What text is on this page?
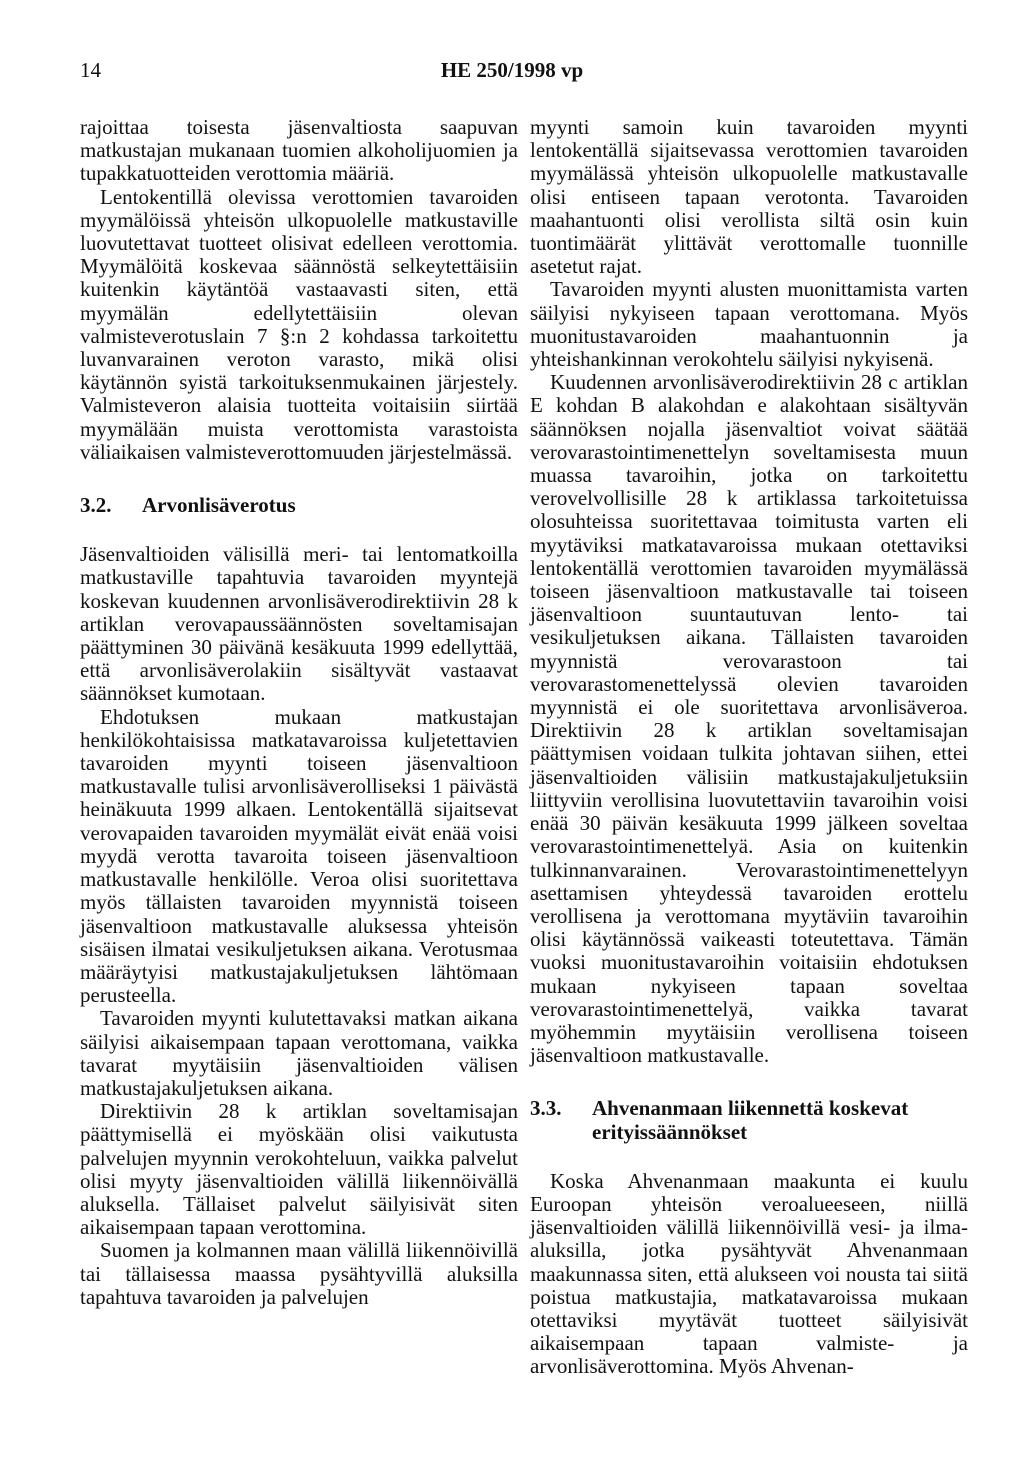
14	HE 250/1998 vp

rajoittaa toisesta jäsenvaltiosta saapuvan matkustajan mukanaan tuomien alkoholijuomien ja tupakkatuotteiden verottomia määriä.

Lentokentillä olevissa verottomien tavaroiden myymälöissä yhteisön ulkopuolelle matkustaville luovutettavat tuotteet olisivat edelleen verottomia. Myymälöitä koskevaa säännöstä selkeytettäisiin kuitenkin käytäntöä vastaavasti siten, että myymälän edellytettäisiin olevan valmisteverotuslain 7 §:n 2 kohdassa tarkoitettu luvanvarainen veroton varasto, mikä olisi käytännön syistä tarkoituksenmukainen järjestely. Valmisteveron alaisia tuotteita voitaisiin siirtää myymälään muista verottomista varastoista väliaikaisen valmisteverottomuuden järjestelmässä.

3.2.	Arvonlisäverotus

Jäsenvaltioiden välisillä meri- tai lentomatkoilla matkustaville tapahtuvia tavaroiden myyntejä koskevan kuudennen arvonlisäverodirektiivin 28 k artiklan verovapaussäännösten soveltamisajan päättyminen 30 päivänä kesäkuuta 1999 edellyttää, että arvonlisäverolakiin sisältyvät vastaavat säännökset kumotaan.

Ehdotuksen mukaan matkustajan henkilökohtaisissa matkatavaroissa kuljetettavien tavaroiden myynti toiseen jäsenvaltioon matkustavalle tulisi arvonlisäverolliseksi 1 päivästä heinäkuuta 1999 alkaen. Lentokentällä sijaitsevat verovapaiden tavaroiden myymälät eivät enää voisi myydä verotta tavaroita toiseen jäsenvaltioon matkustavalle henkilölle. Veroa olisi suoritettava myös tällaisten tavaroiden myynnistä toiseen jäsenvaltioon matkustavalle aluksessa yhteisön sisäisen ilmatai vesikuljetuksen aikana. Verotusmaa määräytyisi matkustajakuljetuksen lähtömaan perusteella.

Tavaroiden myynti kulutettavaksi matkan aikana säilyisi aikaisempaan tapaan verottomana, vaikka tavarat myytäisiin jäsenvaltioiden välisen matkustajakuljetuksen aikana.

Direktiivin 28 k artiklan soveltamisajan päättymisellä ei myöskään olisi vaikutusta palvelujen myynnin verokohteluun, vaikka palvelut olisi myyty jäsenvaltioiden välillä liikennöivällä aluksella. Tällaiset palvelut säilyisivät siten aikaisempaan tapaan verottomina.

Suomen ja kolmannen maan välillä liikennöivillä tai tällaisessa maassa pysähtyvillä aluksilla tapahtuva tavaroiden ja palvelujen

myynti samoin kuin tavaroiden myynti lentokentällä sijaitsevassa verottomien tavaroiden myymälässä yhteisön ulkopuolelle matkustavalle olisi entiseen tapaan verotonta. Tavaroiden maahantuonti olisi verollista siltä osin kuin tuontimäärät ylittävät verottomalle tuonnille asetetut rajat.

Tavaroiden myynti alusten muonittamista varten säilyisi nykyiseen tapaan verottomana. Myös muonitustavaroiden maahantuonnin ja yhteishankinnan verokohtelu säilyisi nykyisenä.

Kuudennen arvonlisäverodirektiivin 28 c artiklan E kohdan B alakohdan e alakohtaan sisältyvän säännöksen nojalla jäsenvaltiot voivat säätää verovarastointimenettelyn soveltamisesta muun muassa tavaroihin, jotka on tarkoitettu verovelvollisille 28 k artiklassa tarkoitetuissa olosuhteissa suoritettavaa toimitusta varten eli myytäviksi matkatavaroissa mukaan otettaviksi lentokentällä verottomien tavaroiden myymälässä toiseen jäsenvaltioon matkustavalle tai toiseen jäsenvaltioon suuntautuvan lento- tai vesikuljetuksen aikana. Tällaisten tavaroiden myynnistä verovarastoon tai verovarastomenettelyssä olevien tavaroiden myynnistä ei ole suoritettava arvonlisäveroa. Direktiivin 28 k artiklan soveltamisajan päättymisen voidaan tulkita johtavan siihen, ettei jäsenvaltioiden välisiin matkustajakuljetuksiin liittyviin verollisina luovutettaviin tavaroihin voisi enää 30 päivän kesäkuuta 1999 jälkeen soveltaa verovarastointimenettelyä. Asia on kuitenkin tulkinnanvarainen. Verovarastointimenettelyyn asettamisen yhteydessä tavaroiden erottelu verollisena ja verottomana myytäviin tavaroihin olisi käytännössä vaikeasti toteutettava. Tämän vuoksi muonitustavaroihin voitaisiin ehdotuksen mukaan nykyiseen tapaan soveltaa verovarastointimenettelyä, vaikka tavarat myöhemmin myytäisiin verollisena toiseen jäsenvaltioon matkustavalle.

3.3.	Ahvenanmaan liikennettä koskevat erityissäännökset

Koska Ahvenanmaan maakunta ei kuulu Euroopan yhteisön veroalueeseen, niillä jäsenvaltioiden välillä liikennöivillä vesi- ja ilma-aluksilla, jotka pysähtyvät Ahvenanmaan maakunnassa siten, että alukseen voi nousta tai siitä poistua matkustajia, matkatavaroissa mukaan otettaviksi myytävät tuotteet säilyisivät aikaisempaan tapaan valmiste- ja arvonlisäverottomina. Myös Ahvenan-
